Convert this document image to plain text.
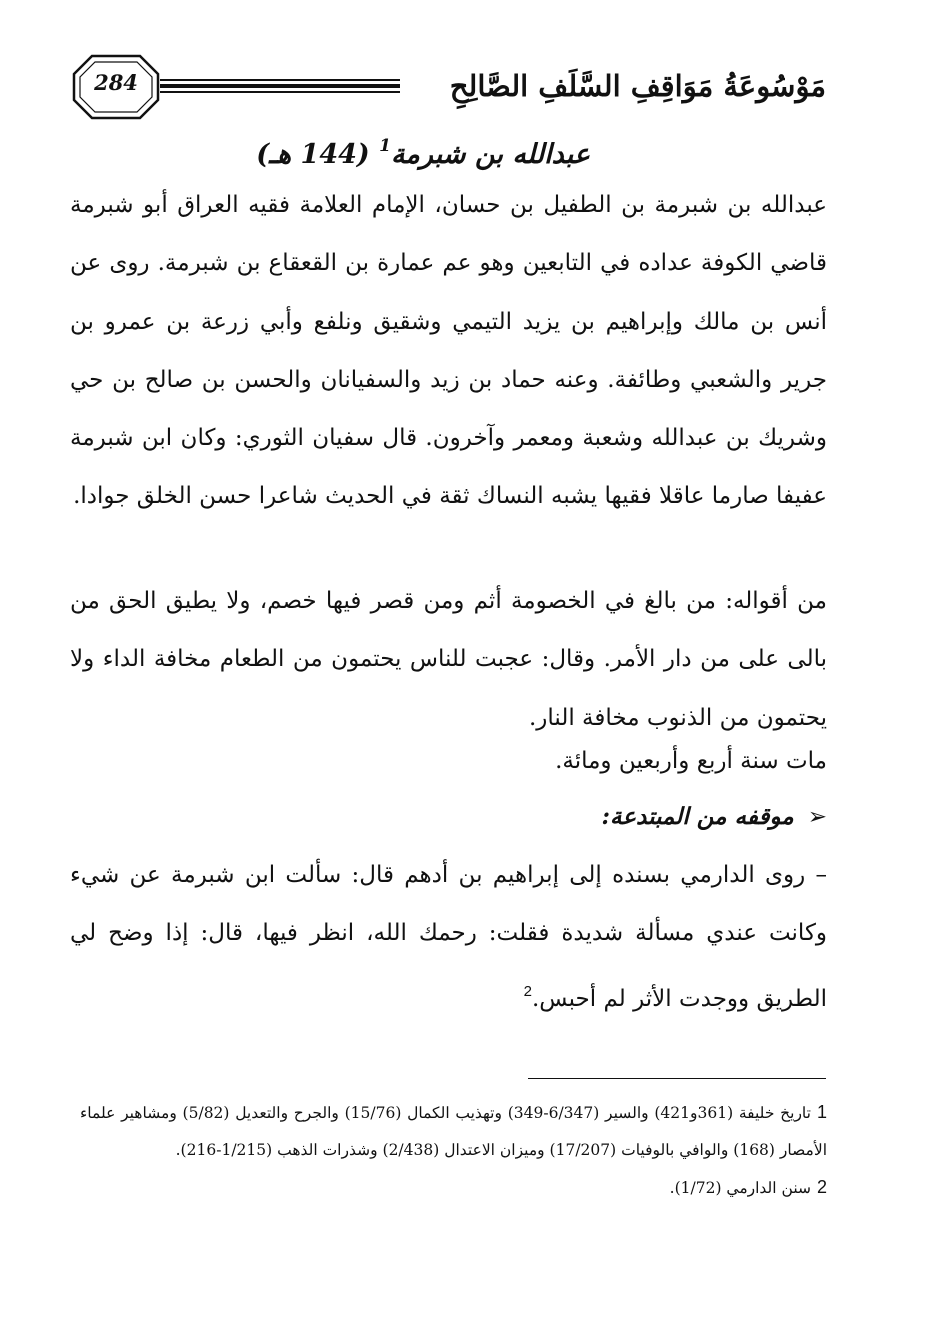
284	مَوْسُوعَةُ مَوَاقِفِ السَّلَفِ الصَّالِحِ
عبدالله بن شبرمة$^1$ (144 هـ)
عبدالله بن شبرمة بن الطفيل بن حسان، الإمام العلامة فقيه العراق أبو شبرمة قاضي الكوفة عداده في التابعين وهو عم عمارة بن القعقاع بن شبرمة. روى عن أنس بن مالك وإبراهيم بن يزيد التيمي وشقيق ونلفع وأبي زرعة بن عمرو بن جرير والشعبي وطائفة. وعنه حماد بن زيد والسفيانان والحسن بن صالح بن حي وشريك بن عبدالله وشعبة ومعمر وآخرون. قال سفيان الثوري: وكان ابن شبرمة عفيفا صارما عاقلا فقيها يشبه النساك ثقة في الحديث شاعرا حسن الخلق جوادا.
من أقواله: من بالغ في الخصومة أثم ومن قصر فيها خصم، ولا يطيق الحق من بالى على من دار الأمر. وقال: عجبت للناس يحتمون من الطعام مخافة الداء ولا يحتمون من الذنوب مخافة النار.
مات سنة أربع وأربعين ومائة.
➢موقفه من المبتدعة:
– روى الدارمي بسنده إلى إبراهيم بن أدهم قال: سألت ابن شبرمة عن شيء وكانت عندي مسألة شديدة فقلت: رحمك الله، انظر فيها، قال: إذا وضح لي الطريق ووجدت الأثر لم أحبس.$^2$
1تاريخ خليفة (361و421) والسير (6/347-349) وتهذيب الكمال (15/76) والجرح والتعديل (5/82) ومشاهير علماء الأمصار (168) والوافي بالوفيات (17/207) وميزان الاعتدال (2/438) وشذرات الذهب (1/215-216).
2سنن الدارمي (1/72).
